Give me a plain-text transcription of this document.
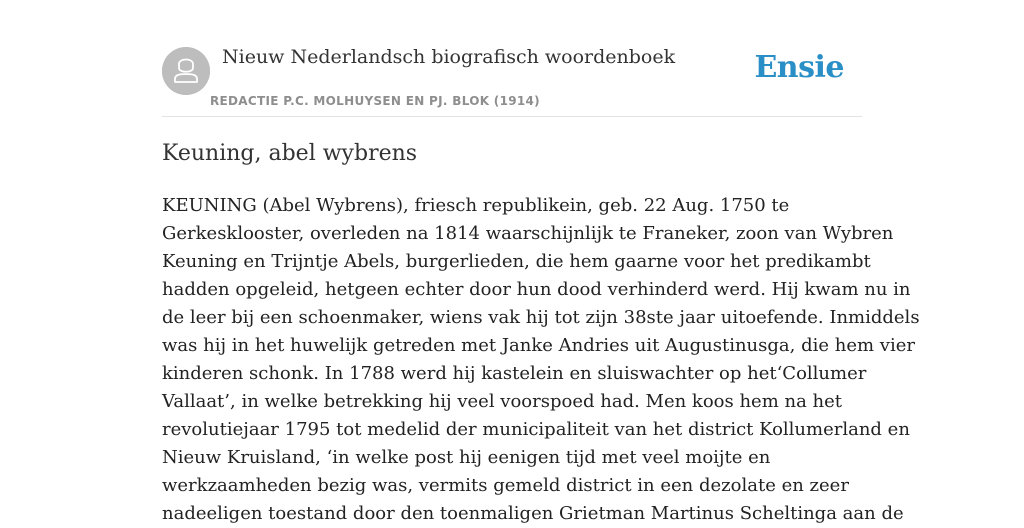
Nieuw Nederlandsch biografisch woordenboek
REDACTIE P.C. MOLHUYSEN EN PJ. BLOK (1914)
Ensie
Keuning, abel wybrens

KEUNING (Abel Wybrens), friesch republikein, geb. 22 Aug. 1750 te
Gerkesklooster, overleden na 1814 waarschijnlijk te Franeker, zoon van Wybren
Keuning en Trijntje Abels, burgerlieden, die hem gaarne voor het predikambt
hadden opgeleid, hetgeen echter door hun dood verhinderd werd. Hij kwam nu in
de leer bij een schoenmaker, wiens vak hij tot zijn 38ste jaar uitoefende. Inmiddels
was hij in het huwelijk getreden met Janke Andries uit Augustinusga, die hem vier
kinderen schonk. In 1788 werd hij kastelein en sluiswachter op het‘Collumer
Vallaat’, in welke betrekking hij veel voorspoed had. Men koos hem na het
revolutiejaar 1795 tot medelid der municipaliteit van het district Kollumerland en
Nieuw Kruisland, ‘in welke post hij eenigen tijd met veel moijte en
werkzaamheden bezig was, vermits gemeld district in een dezolate en zeer
nadeeligen toestand door den toenmaligen Grietman Martinus Scheltinga aan de
